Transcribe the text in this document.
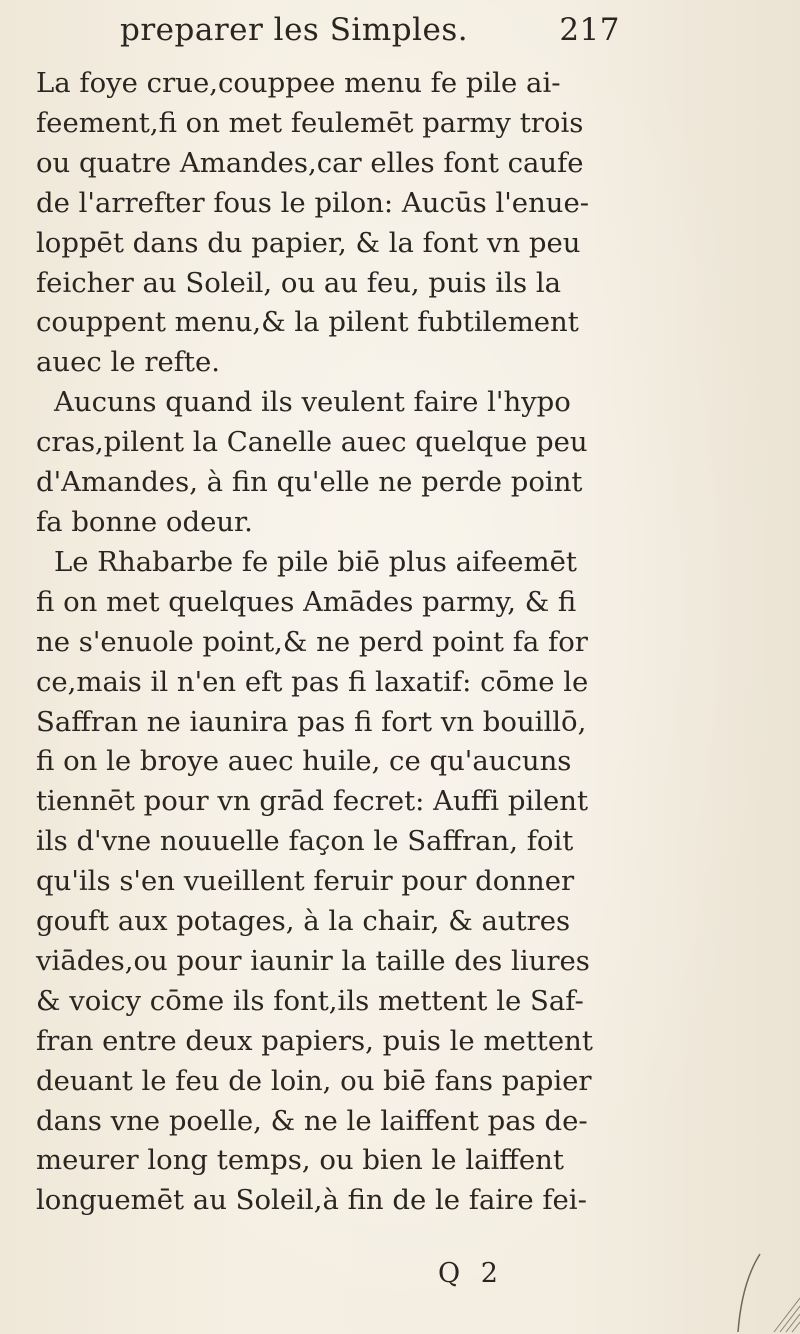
preparer les Simples.	217
La foye crue,couppee menu fe pile ai-
feement,fi on met feulemēt parmy trois
ou quatre Amandes,car elles font caufe
de l'arrefter fous le pilon: Aucūs l'enue-
loppēt dans du papier, & la font vn peu
feicher au Soleil, ou au feu, puis ils la
couppent menu,& la pilent fubtilement
auec le refte.
Aucuns quand ils veulent faire l'hypo
cras,pilent la Canelle auec quelque peu
d'Amandes, à fin qu'elle ne perde point
fa bonne odeur.
Le Rhabarbe fe pile biē plus aifeemēt
fi on met quelques Amādes parmy, & fi
ne s'enuole point,& ne perd point fa for
ce,mais il n'en eft pas fi laxatif: cōme le
Saffran ne iaunira pas fi fort vn bouillō,
fi on le broye auec huile, ce qu'aucuns
tiennēt pour vn grād fecret: Auffi pilent
ils d'vne nouuelle façon le Saffran, foit
qu'ils s'en vueillent feruir pour donner
gouft aux potages, à la chair, & autres
viādes,ou pour iaunir la taille des liures
& voicy cōme ils font,ils mettent le Saf-
fran entre deux papiers, puis le mettent
deuant le feu de loin, ou biē fans papier
dans vne poelle, & ne le laiffent pas de-
meurer long temps, ou bien le laiffent
longuemēt au Soleil,à fin de le faire fei-
Q 2
